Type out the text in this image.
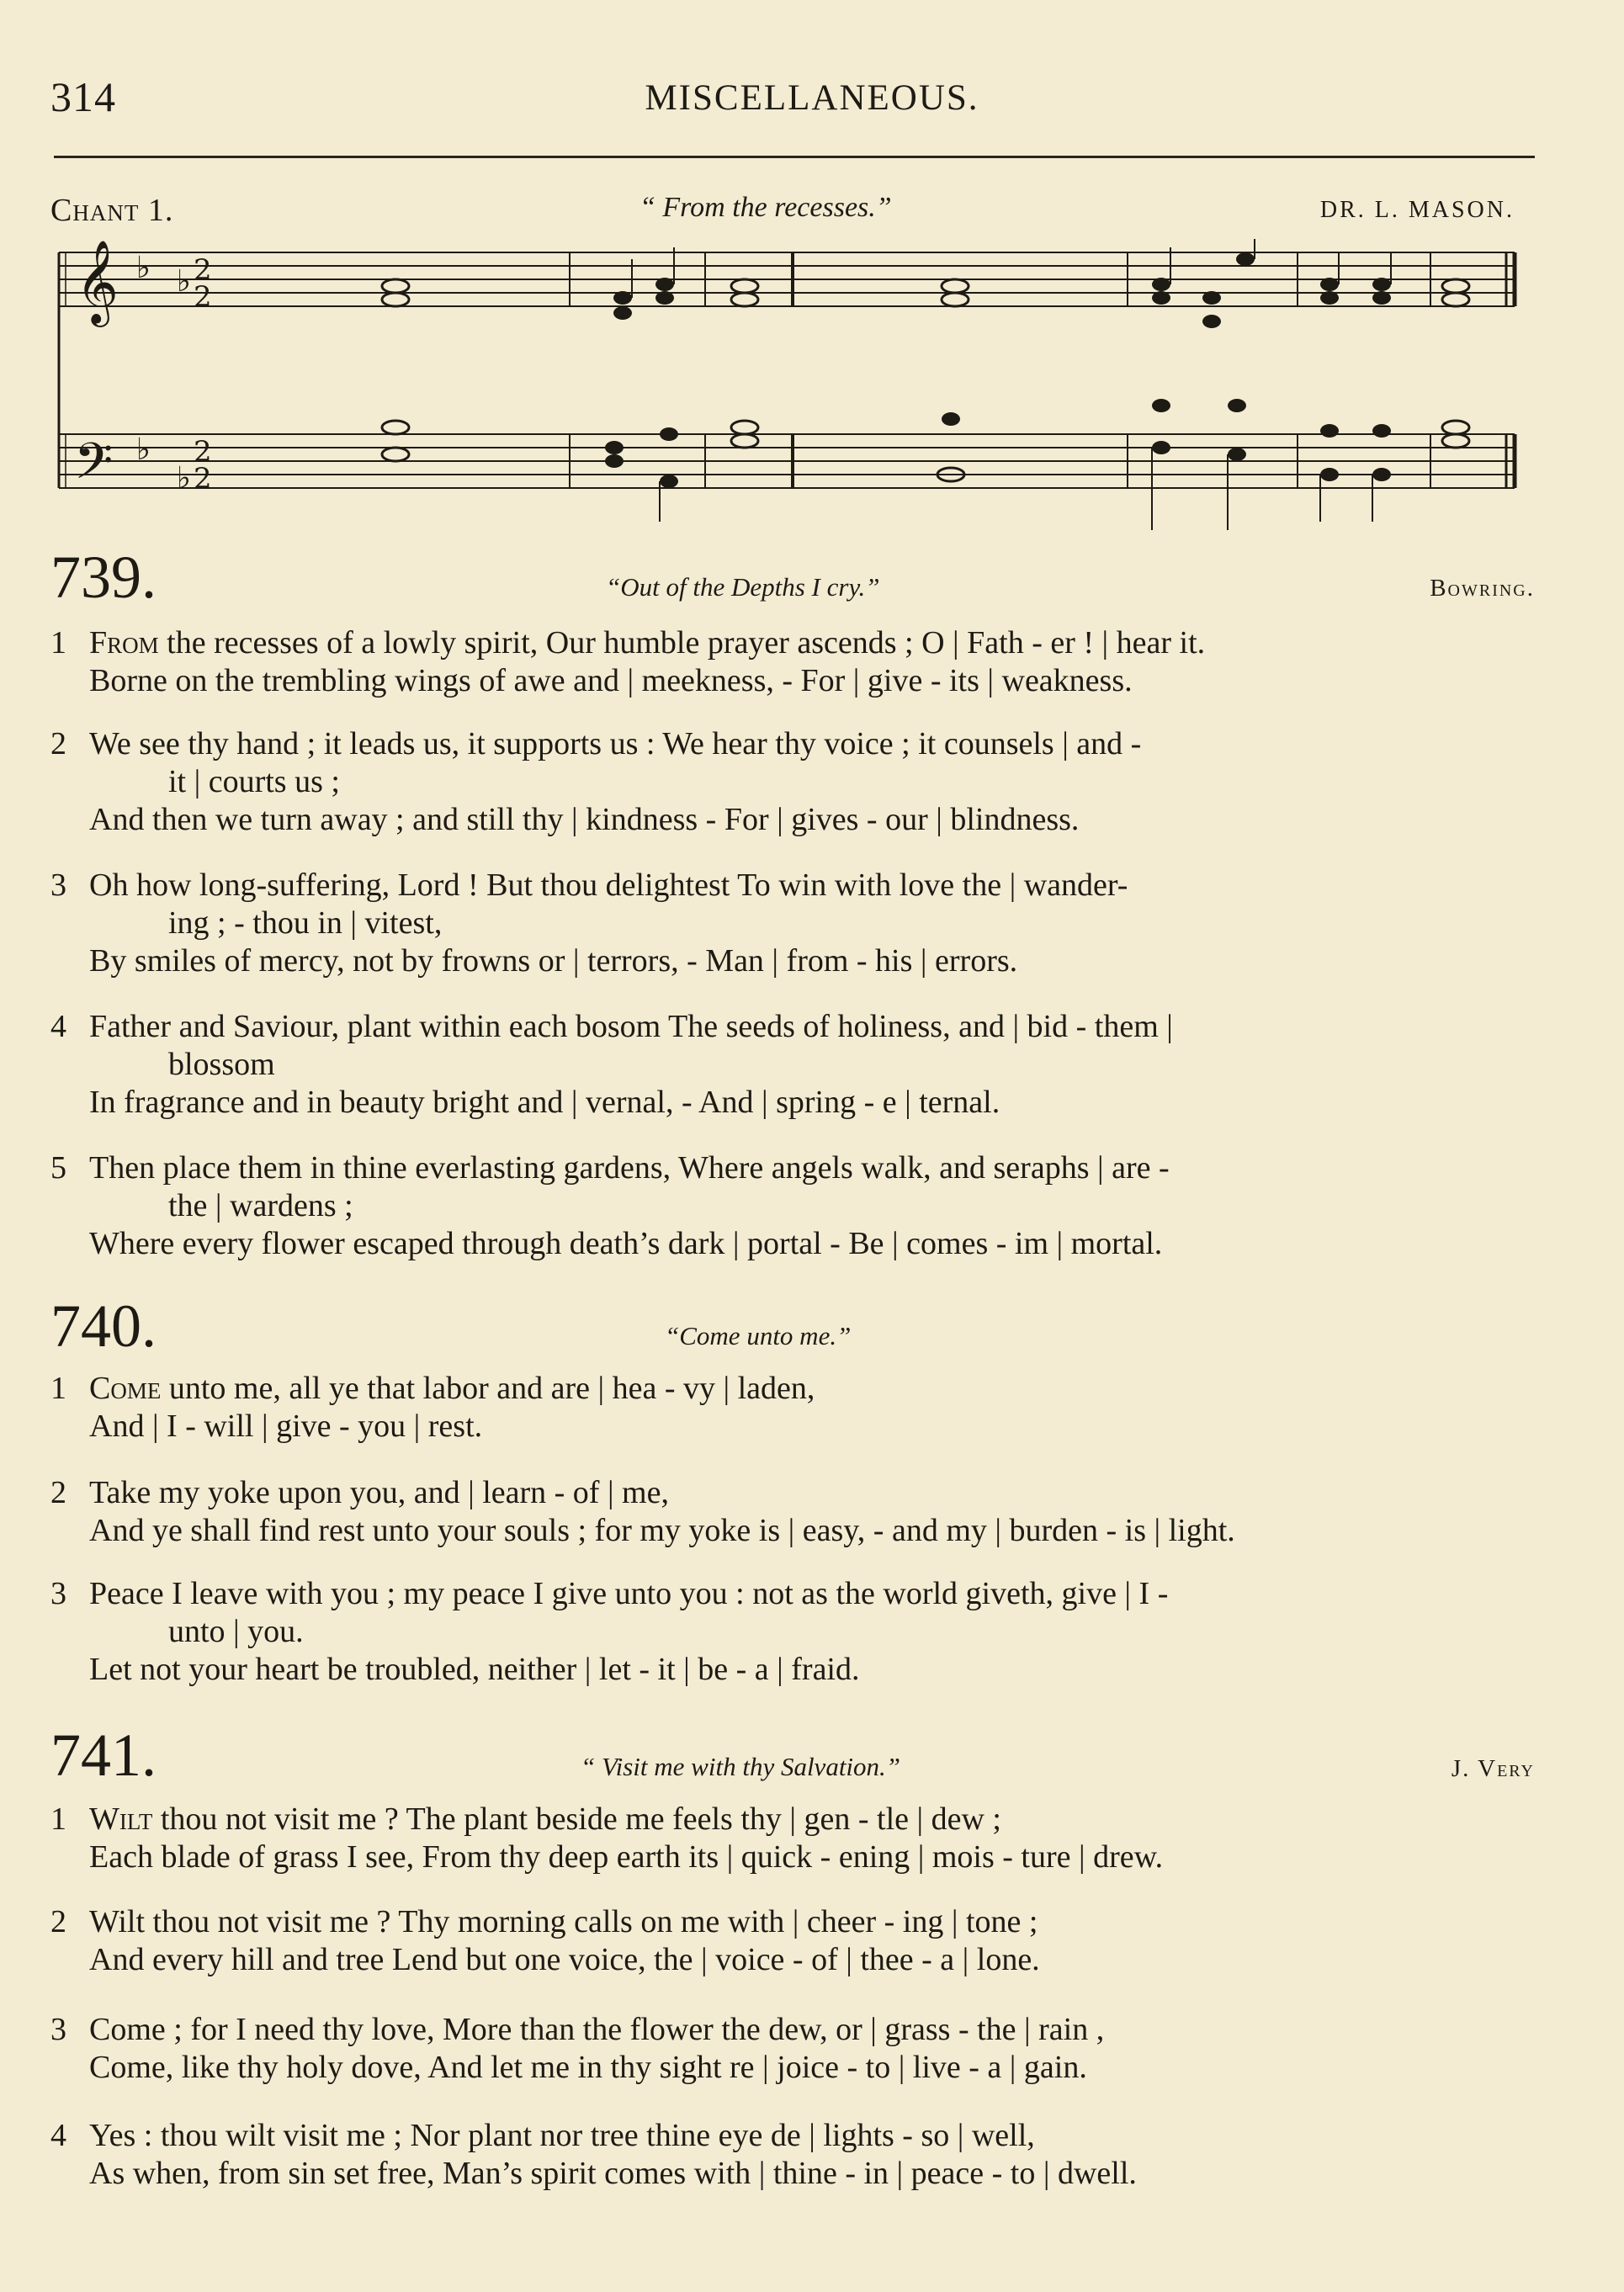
314	MISCELLANEOUS.
Chant 1.	“ From the recesses.”	DR. L. MASON.
𝄞
𝄢
♭ ♭
♭
♭
2
2
2
2
739.	“Out of the Depths I cry.”	Bowring.
1 From the recesses of a lowly spirit, Our humble prayer ascends ; O | Fath - er ! | hear it.
Borne on the trembling wings of awe and | meekness, - For | give - its | weakness.
2 We see thy hand ; it leads us, it supports us : We hear thy voice ; it counsels | and -
it | courts us ;
And then we turn away ; and still thy | kindness - For | gives - our | blindness.
3 Oh how long-suffering, Lord ! But thou delightest To win with love the | wander-
ing ; - thou in | vitest,
By smiles of mercy, not by frowns or | terrors, - Man | from - his | errors.
4 Father and Saviour, plant within each bosom The seeds of holiness, and | bid - them |
blossom
In fragrance and in beauty bright and | vernal, - And | spring - e | ternal.
5 Then place them in thine everlasting gardens, Where angels walk, and seraphs | are -
the | wardens ;
Where every flower escaped through death’s dark | portal - Be | comes - im | mortal.
740.	“Come unto me.”
1 Come unto me, all ye that labor and are | hea - vy | laden,
And | I - will | give - you | rest.
2 Take my yoke upon you, and | learn - of | me,
And ye shall find rest unto your souls ; for my yoke is | easy, - and my | burden - is | light.
3 Peace I leave with you ; my peace I give unto you : not as the world giveth, give | I -
unto | you.
Let not your heart be troubled, neither | let - it | be - a | fraid.
741.	“ Visit me with thy Salvation.”	J. Very
1 Wilt thou not visit me ? The plant beside me feels thy | gen - tle | dew ;
Each blade of grass I see, From thy deep earth its | quick - ening | mois - ture | drew.
2 Wilt thou not visit me ? Thy morning calls on me with | cheer - ing | tone ;
And every hill and tree Lend but one voice, the | voice - of | thee - a | lone.
3 Come ; for I need thy love, More than the flower the dew, or | grass - the | rain ,
Come, like thy holy dove, And let me in thy sight re | joice - to | live - a | gain.
4 Yes : thou wilt visit me ; Nor plant nor tree thine eye de | lights - so | well,
As when, from sin set free, Man’s spirit comes with | thine - in | peace - to | dwell.
